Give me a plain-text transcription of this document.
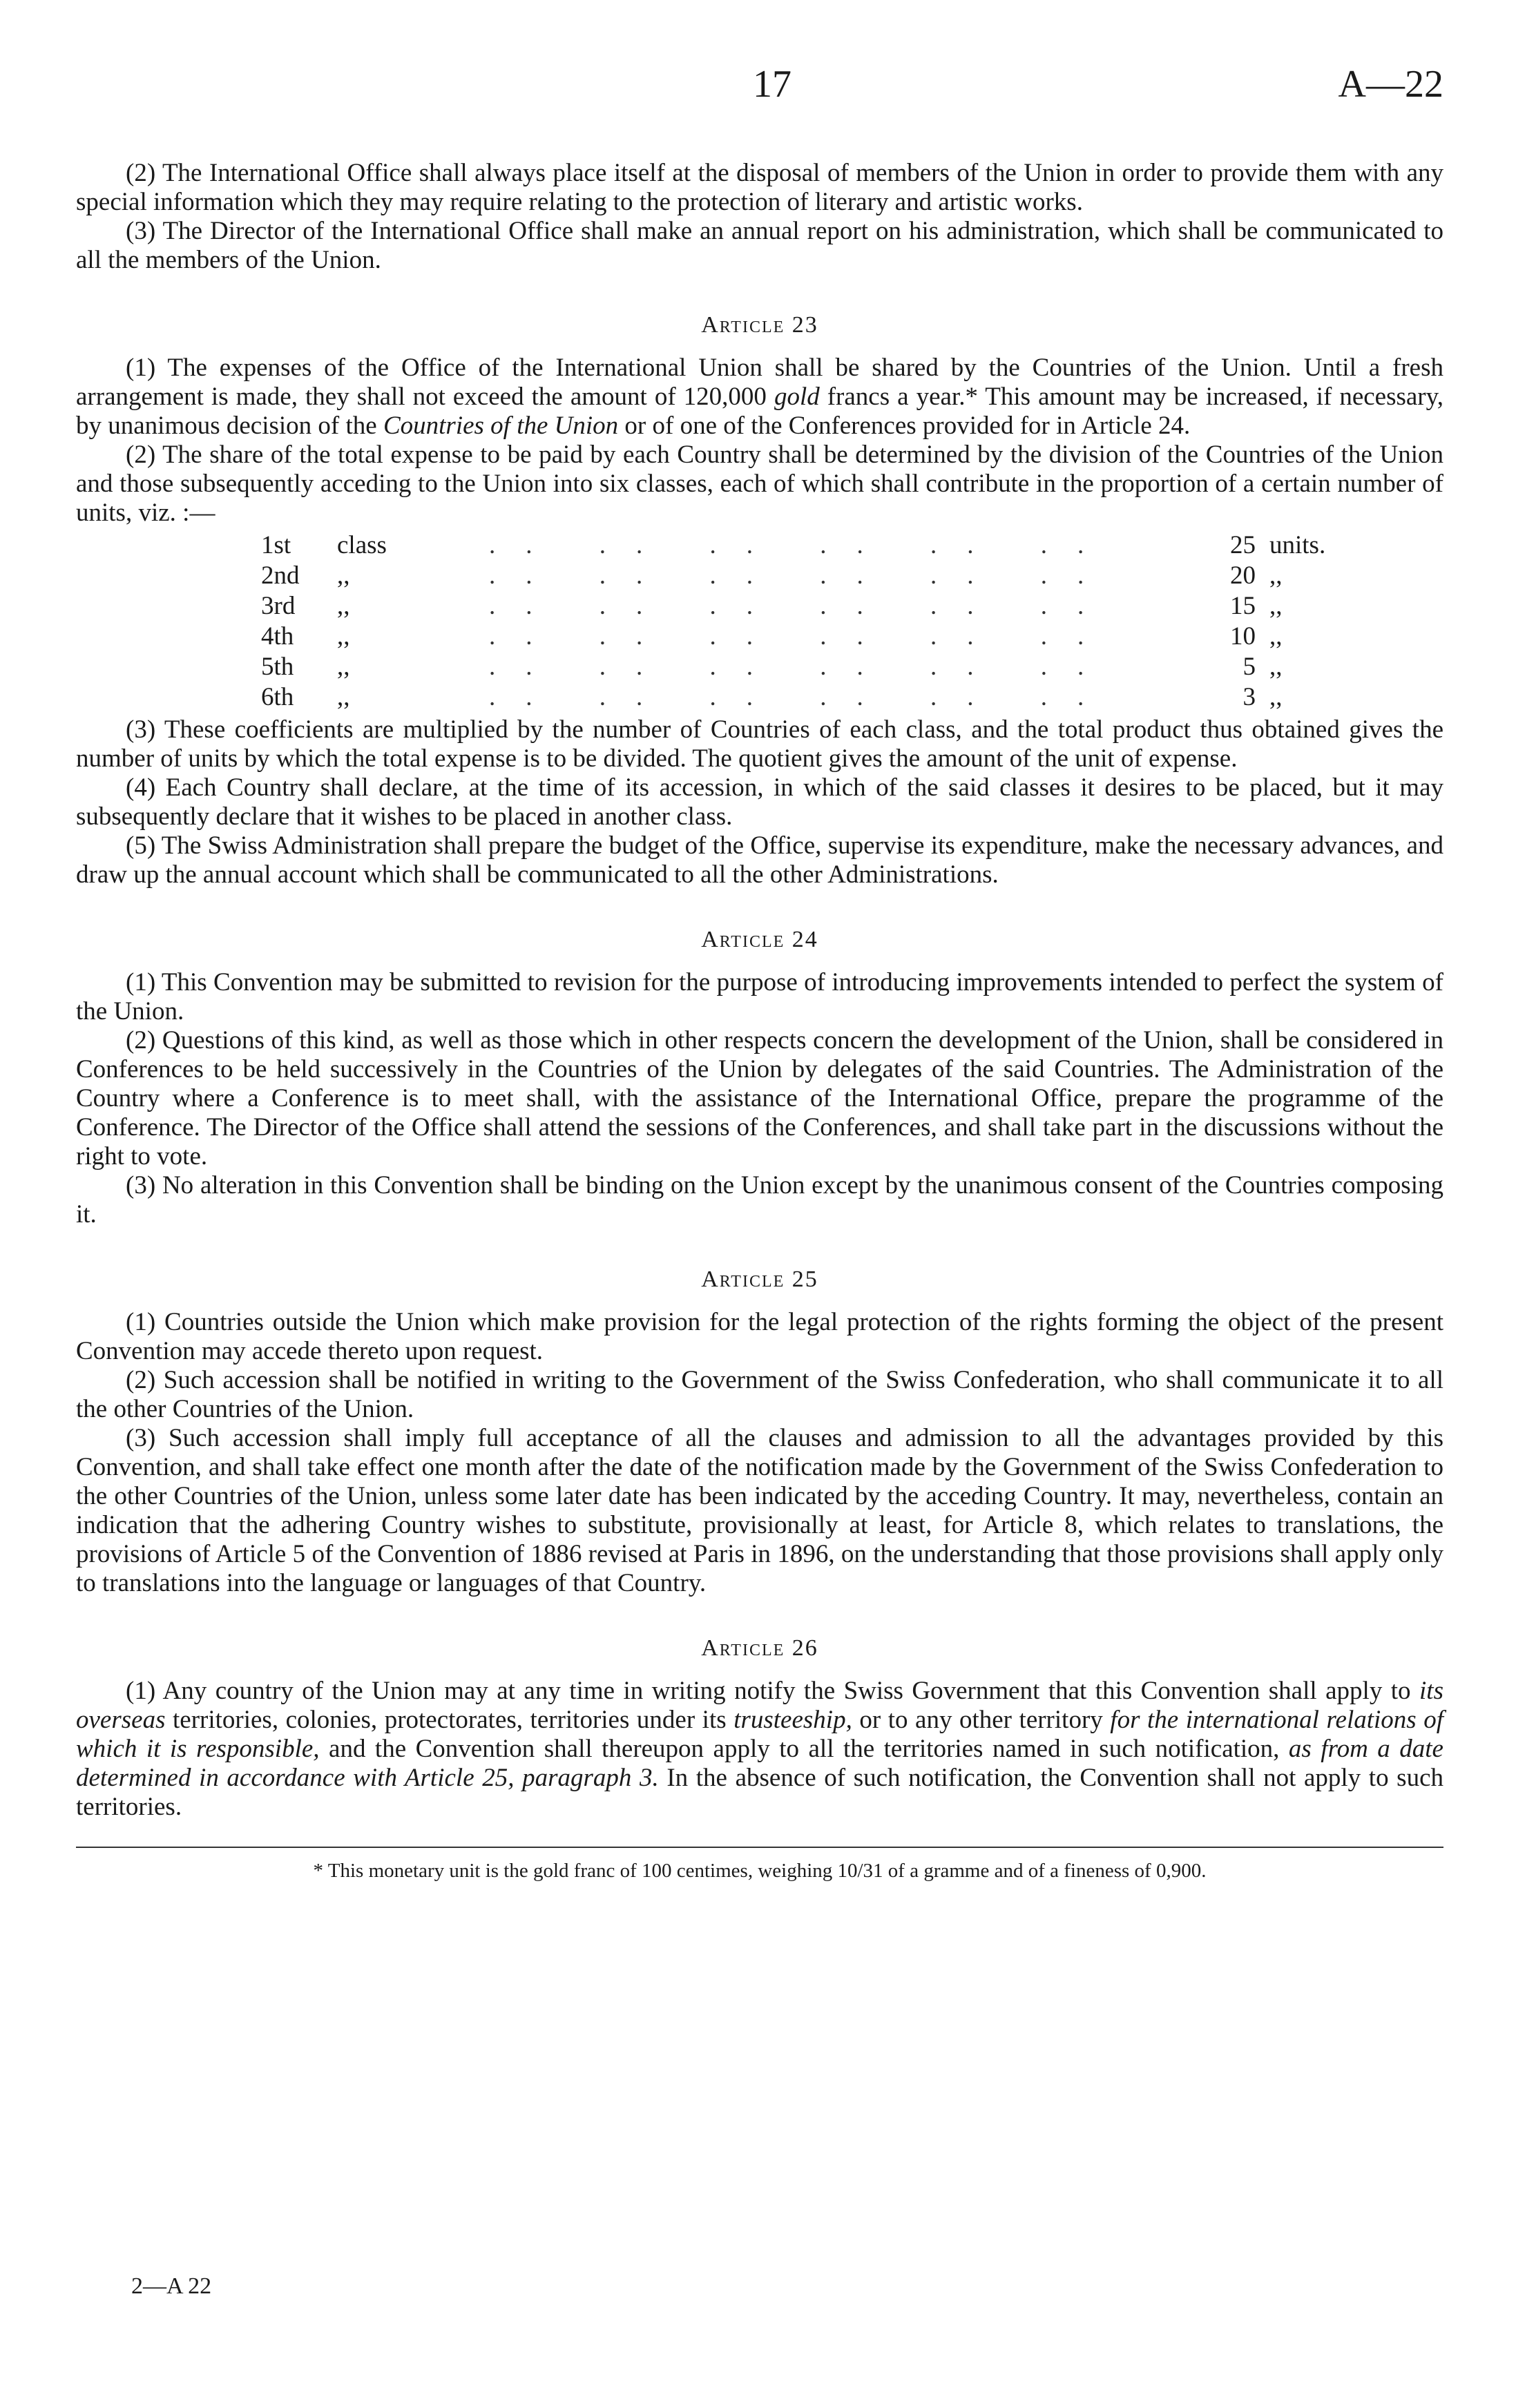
17	A—22

(2) The International Office shall always place itself at the disposal of members of the Union in order to provide them with any special information which they may require relating to the protection of literary and artistic works.

(3) The Director of the International Office shall make an annual report on his administration, which shall be communicated to all the members of the Union.

Article 23

(1) The expenses of the Office of the International Union shall be shared by the Countries of the Union. Until a fresh arrangement is made, they shall not exceed the amount of 120,000 gold francs a year.* This amount may be increased, if necessary, by unanimous decision of the Countries of the Union or of one of the Conferences provided for in Article 24.

(2) The share of the total expense to be paid by each Country shall be determined by the division of the Countries of the Union and those subsequently acceding to the Union into six classes, each of which shall contribute in the proportion of a certain number of units, viz. :—

1st	class	.. .. .. .. .. ..	25	units.
2nd	,,	.. .. .. .. .. ..	20	,,
3rd	,,	.. .. .. .. .. ..	15	,,
4th	,,	.. .. .. .. .. ..	10	,,
5th	,,	.. .. .. .. .. ..	5	,,
6th	,,	.. .. .. .. .. ..	3	,,

(3) These coefficients are multiplied by the number of Countries of each class, and the total product thus obtained gives the number of units by which the total expense is to be divided. The quotient gives the amount of the unit of expense.

(4) Each Country shall declare, at the time of its accession, in which of the said classes it desires to be placed, but it may subsequently declare that it wishes to be placed in another class.

(5) The Swiss Administration shall prepare the budget of the Office, supervise its expenditure, make the necessary advances, and draw up the annual account which shall be communicated to all the other Administrations.

Article 24

(1) This Convention may be submitted to revision for the purpose of introducing improvements intended to perfect the system of the Union.

(2) Questions of this kind, as well as those which in other respects concern the development of the Union, shall be considered in Conferences to be held successively in the Countries of the Union by delegates of the said Countries. The Administration of the Country where a Conference is to meet shall, with the assistance of the International Office, prepare the programme of the Conference. The Director of the Office shall attend the sessions of the Conferences, and shall take part in the discussions without the right to vote.

(3) No alteration in this Convention shall be binding on the Union except by the unanimous consent of the Countries composing it.

Article 25

(1) Countries outside the Union which make provision for the legal protection of the rights forming the object of the present Convention may accede thereto upon request.

(2) Such accession shall be notified in writing to the Government of the Swiss Confederation, who shall communicate it to all the other Countries of the Union.

(3) Such accession shall imply full acceptance of all the clauses and admission to all the advantages provided by this Convention, and shall take effect one month after the date of the notification made by the Government of the Swiss Confederation to the other Countries of the Union, unless some later date has been indicated by the acceding Country. It may, nevertheless, contain an indication that the adhering Country wishes to substitute, provisionally at least, for Article 8, which relates to translations, the provisions of Article 5 of the Convention of 1886 revised at Paris in 1896, on the understanding that those provisions shall apply only to translations into the language or languages of that Country.

Article 26

(1) Any country of the Union may at any time in writing notify the Swiss Government that this Convention shall apply to its overseas territories, colonies, protectorates, territories under its trusteeship, or to any other territory for the international relations of which it is responsible, and the Convention shall thereupon apply to all the territories named in such notification, as from a date determined in accordance with Article 25, paragraph 3. In the absence of such notification, the Convention shall not apply to such territories.

* This monetary unit is the gold franc of 100 centimes, weighing 10/31 of a gramme and of a fineness of 0,900.

2—A 22
